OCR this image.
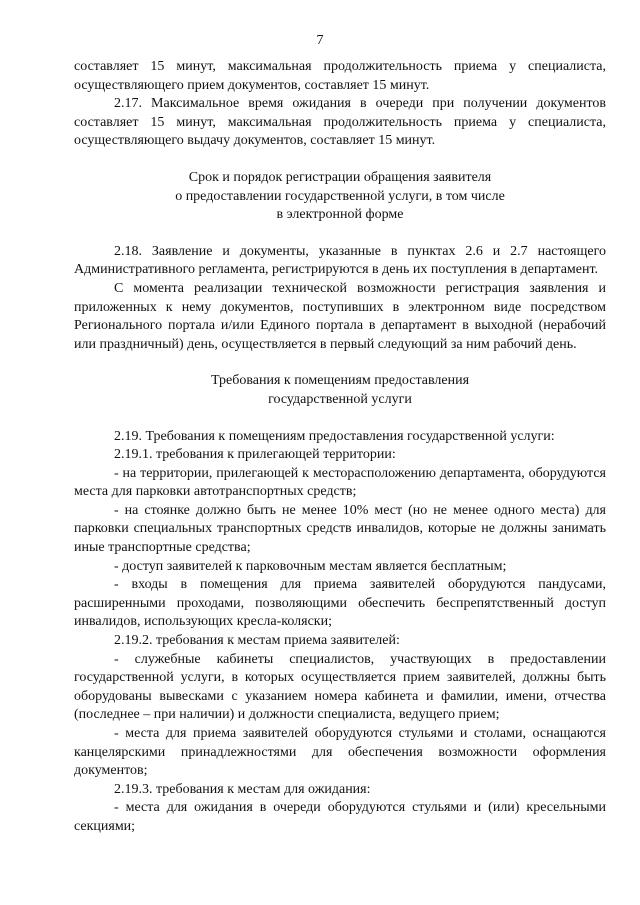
7

составляет 15 минут, максимальная продолжительность приема у специалиста, осуществляющего прием документов, составляет 15 минут.

2.17. Максимальное время ожидания в очереди при получении документов составляет 15 минут, максимальная продолжительность приема у специалиста, осуществляющего выдачу документов, составляет 15 минут.

Срок и порядок регистрации обращения заявителя
о предоставлении государственной услуги, в том числе
в электронной форме

2.18. Заявление и документы, указанные в пунктах 2.6 и 2.7 настоящего Административного регламента, регистрируются в день их поступления в департамент.

С момента реализации технической возможности регистрация заявления и приложенных к нему документов, поступивших в электронном виде посредством Регионального портала и/или Единого портала в департамент в выходной (нерабочий или праздничный) день, осуществляется в первый следующий за ним рабочий день.

Требования к помещениям предоставления
государственной услуги

2.19. Требования к помещениям предоставления государственной услуги:

2.19.1. требования к прилегающей территории:

- на территории, прилегающей к месторасположению департамента, оборудуются места для парковки автотранспортных средств;

- на стоянке должно быть не менее 10% мест (но не менее одного места) для парковки специальных транспортных средств инвалидов, которые не должны занимать иные транспортные средства;

- доступ заявителей к парковочным местам является бесплатным;

- входы в помещения для приема заявителей оборудуются пандусами, расширенными проходами, позволяющими обеспечить беспрепятственный доступ инвалидов, использующих кресла-коляски;

2.19.2. требования к местам приема заявителей:

- служебные кабинеты специалистов, участвующих в предоставлении государственной услуги, в которых осуществляется прием заявителей, должны быть оборудованы вывесками с указанием номера кабинета и фамилии, имени, отчества (последнее – при наличии) и должности специалиста, ведущего прием;

- места для приема заявителей оборудуются стульями и столами, оснащаются канцелярскими принадлежностями для обеспечения возможности оформления документов;

2.19.3. требования к местам для ожидания:

- места для ожидания в очереди оборудуются стульями и (или) кресельными секциями;
